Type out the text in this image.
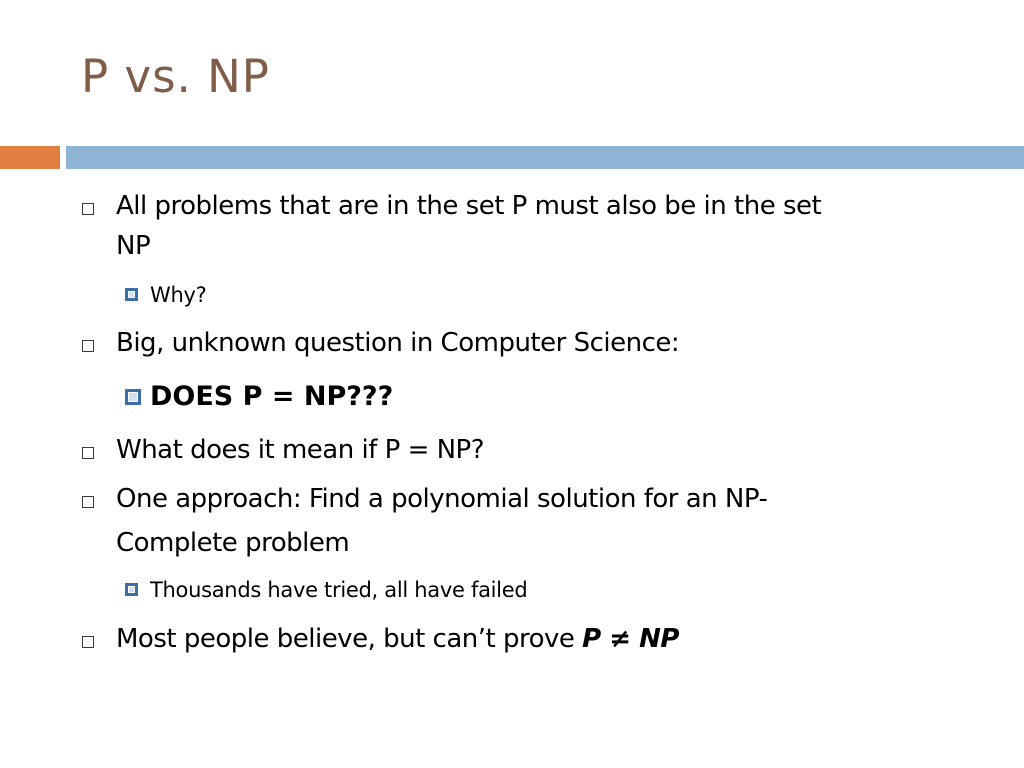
P vs. NP
All problems that are in the set P must also be in the set
NP
Why?
Big, unknown question in Computer Science:
DOES P = NP???
What does it mean if P = NP?
One approach: Find a polynomial solution for an NP-
Complete problem
Thousands have tried, all have failed
Most people believe, but can’t prove P ≠ NP
